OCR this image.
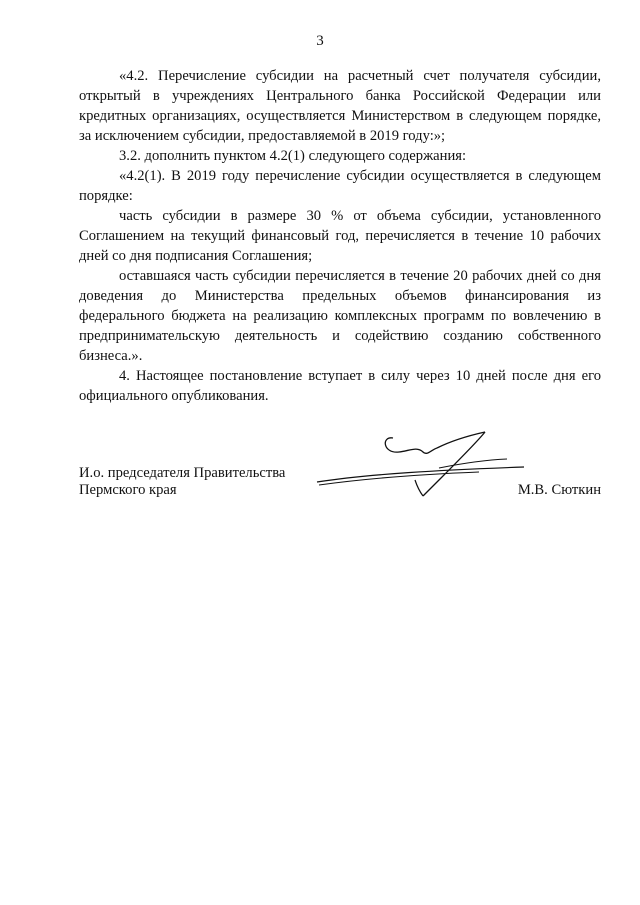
3

«4.2. Перечисление субсидии на расчетный счет получателя субсидии, открытый в учреждениях Центрального банка Российской Федерации или кредитных организациях, осуществляется Министерством в следующем порядке, за исключением субсидии, предоставляемой в 2019 году:»;

3.2. дополнить пунктом 4.2(1) следующего содержания:

«4.2(1). В 2019 году перечисление субсидии осуществляется в следующем порядке:

часть субсидии в размере 30 % от объема субсидии, установленного Соглашением на текущий финансовый год, перечисляется в течение 10 рабочих дней со дня подписания Соглашения;

оставшаяся часть субсидии перечисляется в течение 20 рабочих дней со дня доведения до Министерства предельных объемов финансирования из федерального бюджета на реализацию комплексных программ по вовлечению в предпринимательскую деятельность и содействию созданию собственного бизнеса.».

4. Настоящее постановление вступает в силу через 10 дней после дня его официального опубликования.

И.о. председателя Правительства
Пермского края	М.В. Сюткин
